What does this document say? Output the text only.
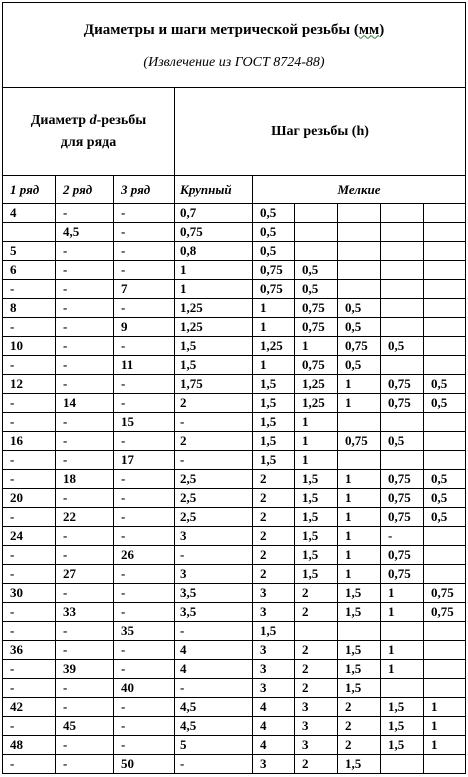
Диаметры и шаги метрической резьбы (мм)
(Извлечение из ГОСТ 8724-88)								

Диаметр d-резьбы
для ряда			Шаг резьбы (h)					
1 ряд	2 ряд	3 ряд	Крупный	Мелкие				
4	-	-	0,7	0,5				
	4,5	-	0,75	0,5				
5	-	-	0,8	0,5				
6	-	-	1	0,75	0,5			
-	-	7	1	0,75	0,5			
8	-	-	1,25	1	0,75	0,5		
-	-	9	1,25	1	0,75	0,5		
10	-	-	1,5	1,25	1	0,75	0,5	
-	-	11	1,5	1	0,75	0,5		
12	-	-	1,75	1,5	1,25	1	0,75	0,5
-	14	-	2	1,5	1,25	1	0,75	0,5
-	-	15	-	1,5	1			
16	-	-	2	1,5	1	0,75	0,5	
-	-	17	-	1,5	1			
-	18	-	2,5	2	1,5	1	0,75	0,5
20	-	-	2,5	2	1,5	1	0,75	0,5
-	22	-	2,5	2	1,5	1	0,75	0,5
24	-	-	3	2	1,5	1	-	
-	-	26	-	2	1,5	1	0,75	
-	27	-	3	2	1,5	1	0,75	
30	-	-	3,5	3	2	1,5	1	0,75
-	33	-	3,5	3	2	1,5	1	0,75
-	-	35	-	1,5				
36	-	-	4	3	2	1,5	1	
-	39	-	4	3	2	1,5	1	
-	-	40	-	3	2	1,5		
42	-	-	4,5	4	3	2	1,5	1
-	45	-	4,5	4	3	2	1,5	1
48	-	-	5	4	3	2	1,5	1
-	-	50	-	3	2	1,5		
